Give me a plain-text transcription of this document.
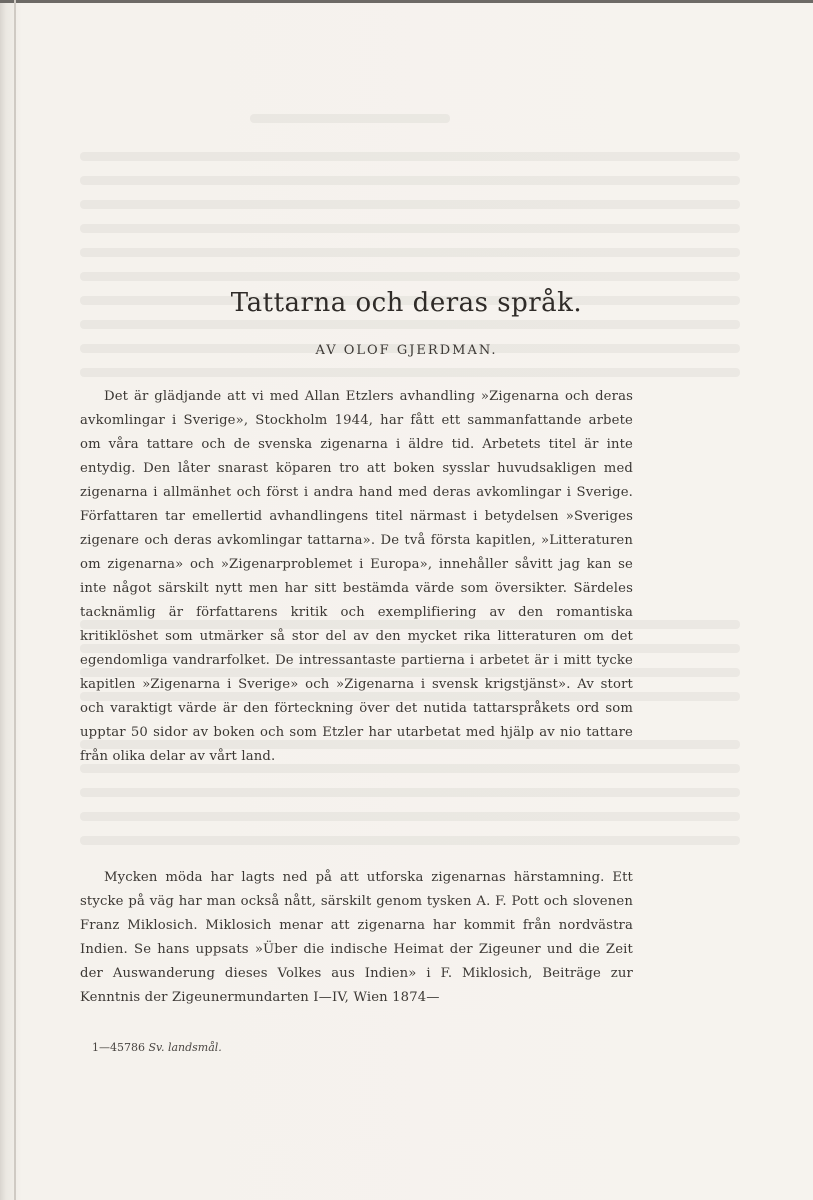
Tattarna och deras språk.
AV OLOF GJERDMAN.

Det är glädjande att vi med Allan Etzlers avhandling »Zigenarna och deras avkomlingar i Sverige», Stockholm 1944, har fått ett sammanfattande arbete om våra tattare och de svenska zigenarna i äldre tid. Arbetets titel är inte entydig. Den låter snarast köparen tro att boken sysslar huvudsakligen med zigenarna i allmänhet och först i andra hand med deras avkomlingar i Sverige. Författaren tar emellertid avhandlingens titel närmast i betydelsen »Sveriges zigenare och deras avkomlingar tattarna». De två första kapitlen, »Litteraturen om zigenarna» och »Zigenarproblemet i Europa», innehåller såvitt jag kan se inte något särskilt nytt men har sitt bestämda värde som översikter. Särdeles tacknämlig är författarens kritik och exemplifiering av den romantiska kritiklöshet som utmärker så stor del av den mycket rika litteraturen om det egendomliga vandrarfolket. De intressantaste partierna i arbetet är i mitt tycke kapitlen »Zigenarna i Sverige» och »Zigenarna i svensk krigstjänst». Av stort och varaktigt värde är den förteckning över det nutida tattarspråkets ord som upptar 50 sidor av boken och som Etzler har utarbetat med hjälp av nio tattare från olika delar av vårt land.

Mycken möda har lagts ned på att utforska zigenarnas härstamning. Ett stycke på väg har man också nått, särskilt genom tysken A. F. Pott och slovenen Franz Miklosich. Miklosich menar att zigenarna har kommit från nordvästra Indien. Se hans uppsats »Über die indische Heimat der Zigeuner und die Zeit der Auswanderung dieses Volkes aus Indien» i F. Miklosich, Beiträge zur Kenntnis der Zigeunermundarten I—IV, Wien 1874—

1—45786 Sv. landsmål.
